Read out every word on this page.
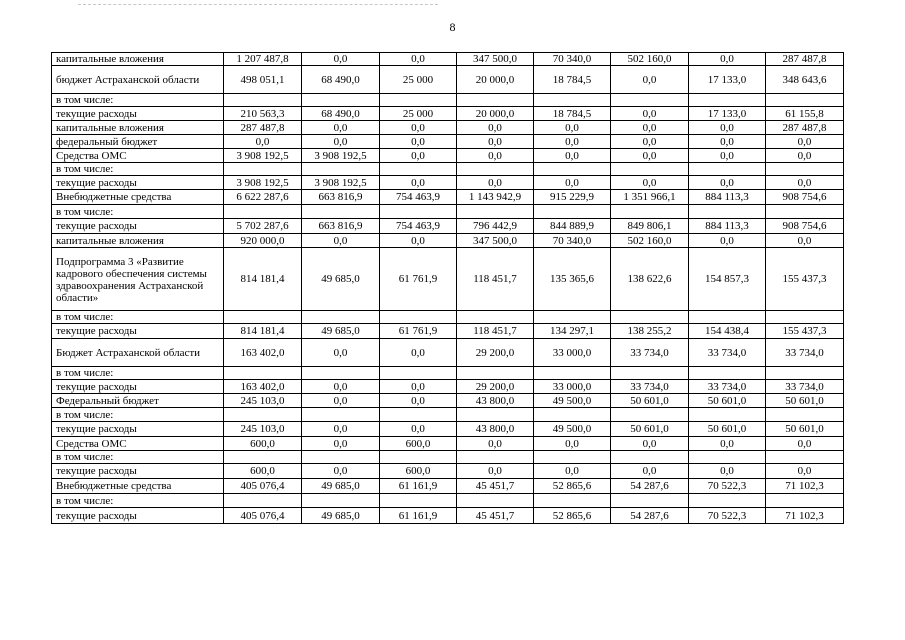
8
капитальные вложения	1 207 487,8	0,0	0,0	347 500,0	70 340,0	502 160,0	0,0	287 487,8
бюджет Астраханской области	498 051,1	68 490,0	25 000	20 000,0	18 784,5	0,0	17 133,0	348 643,6
в том числе:								
текущие расходы	210 563,3	68 490,0	25 000	20 000,0	18 784,5	0,0	17 133,0	61 155,8
капитальные вложения	287 487,8	0,0	0,0	0,0	0,0	0,0	0,0	287 487,8
федеральный бюджет	0,0	0,0	0,0	0,0	0,0	0,0	0,0	0,0
Средства ОМС	3 908 192,5	3 908 192,5	0,0	0,0	0,0	0,0	0,0	0,0
в том числе:								
текущие расходы	3 908 192,5	3 908 192,5	0,0	0,0	0,0	0,0	0,0	0,0
Внебюджетные средства	6 622 287,6	663 816,9	754 463,9	1 143 942,9	915 229,9	1 351 966,1	884 113,3	908 754,6
в том числе:								
текущие расходы	5 702 287,6	663 816,9	754 463,9	796 442,9	844 889,9	849 806,1	884 113,3	908 754,6
капитальные вложения	920 000,0	0,0	0,0	347 500,0	70 340,0	502 160,0	0,0	0,0
Подпрограмма 3 «Развитие кадрового обеспечения системы здравоохранения Астраханской области»	814 181,4	49 685,0	61 761,9	118 451,7	135 365,6	138 622,6	154 857,3	155 437,3
в том числе:								
текущие расходы	814 181,4	49 685,0	61 761,9	118 451,7	134 297,1	138 255,2	154 438,4	155 437,3
Бюджет Астраханской области	163 402,0	0,0	0,0	29 200,0	33 000,0	33 734,0	33 734,0	33 734,0
в том числе:								
текущие расходы	163 402,0	0,0	0,0	29 200,0	33 000,0	33 734,0	33 734,0	33 734,0
Федеральный бюджет	245 103,0	0,0	0,0	43 800,0	49 500,0	50 601,0	50 601,0	50 601,0
в том числе:								
текущие расходы	245 103,0	0,0	0,0	43 800,0	49 500,0	50 601,0	50 601,0	50 601,0
Средства ОМС	600,0	0,0	600,0	0,0	0,0	0,0	0,0	0,0
в том числе:								
текущие расходы	600,0	0,0	600,0	0,0	0,0	0,0	0,0	0,0
Внебюджетные средства	405 076,4	49 685,0	61 161,9	45 451,7	52 865,6	54 287,6	70 522,3	71 102,3
в том числе:								
текущие расходы	405 076,4	49 685,0	61 161,9	45 451,7	52 865,6	54 287,6	70 522,3	71 102,3
